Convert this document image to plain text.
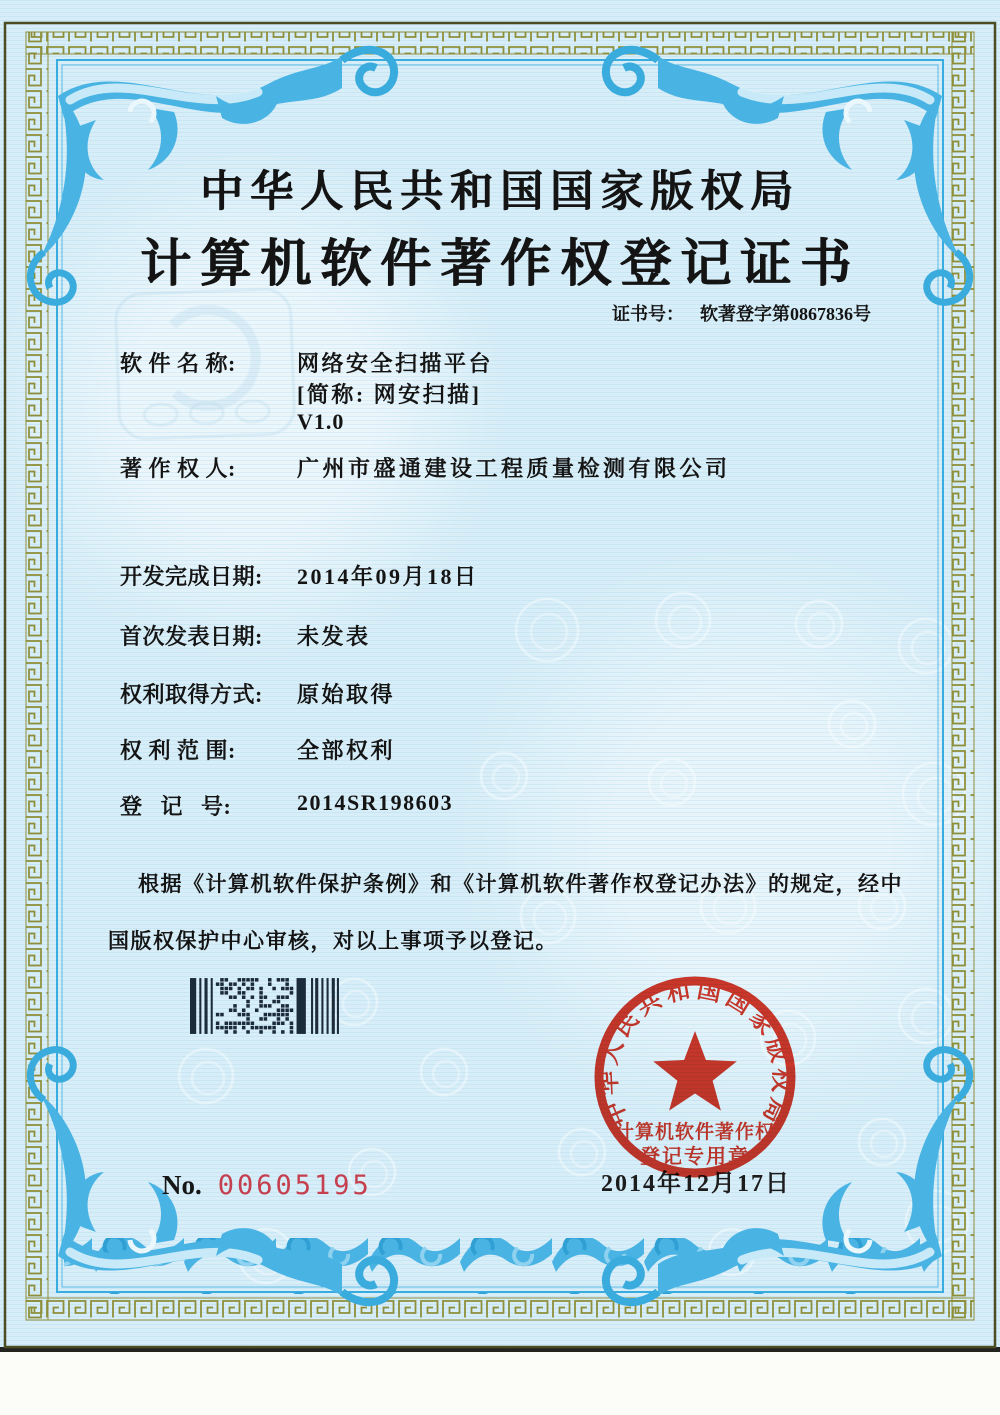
中华人民共和国国家版权局
计算机软件著作权登记证书
证书号： 软著登字第0867836号
软 件 名 称:	网络安全扫描平台
[简称: 网安扫描]
V1.0
著 作 权 人:	广州市盛通建设工程质量检测有限公司
开发完成日期: 2014年09月18日
首次发表日期: 未发表
权利取得方式: 原始取得
权 利 范 围:	全部权利
登   记   号:	2014SR198603
根据《计算机软件保护条例》和《计算机软件著作权登记办法》的规定，经中国版权保护中心审核，对以上事项予以登记。
中华人民共和国国家版权局
计算机软件著作权
登记专用章
2014年12月17日
No. 00605195
